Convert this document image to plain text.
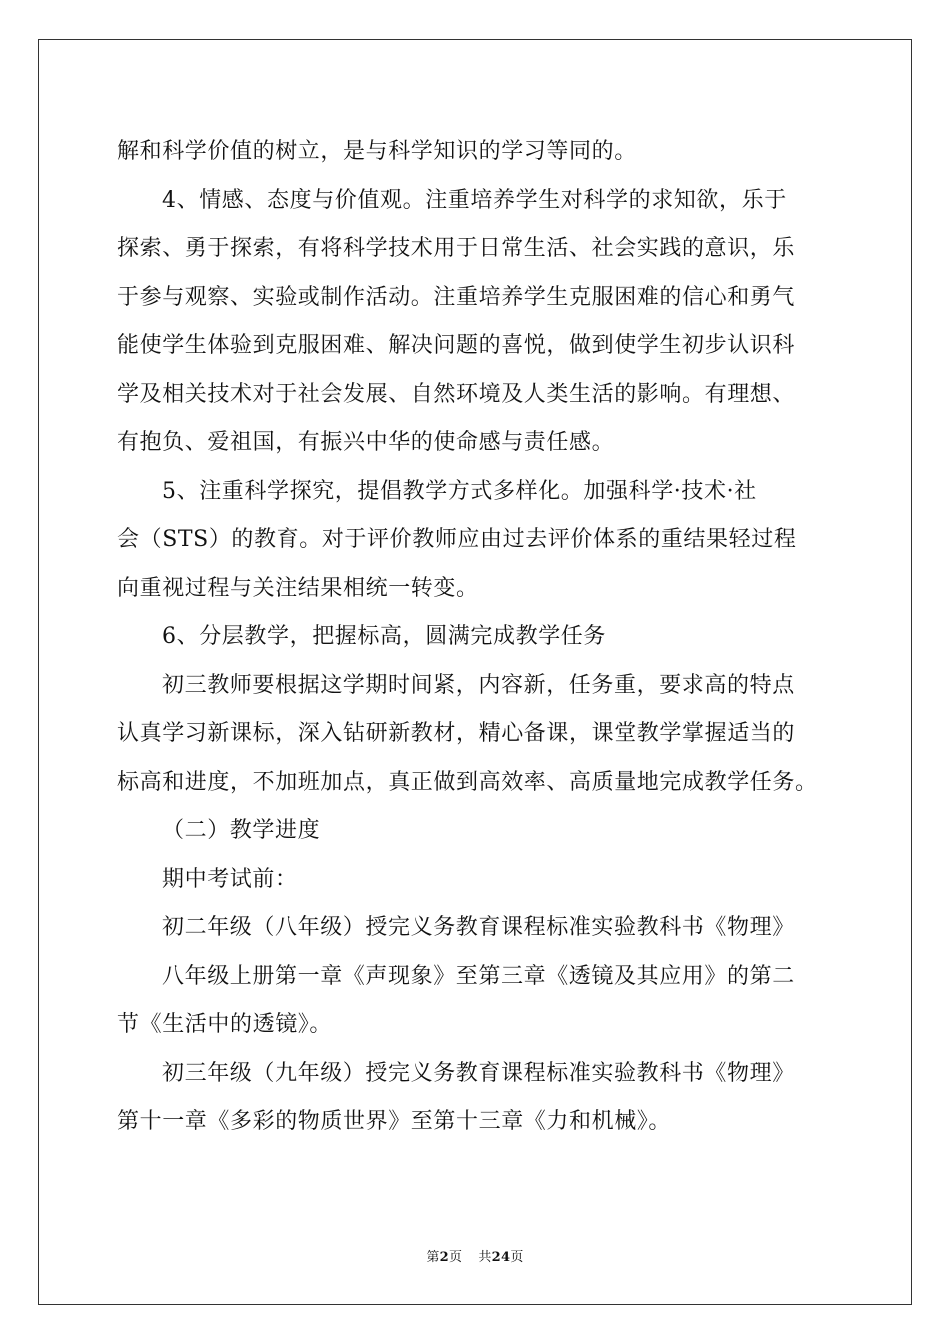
解和科学价值的树立，是与科学知识的学习等同的。
4、情感、态度与价值观。注重培养学生对科学的求知欲，乐于
探索、勇于探索，有将科学技术用于日常生活、社会实践的意识，乐
于参与观察、实验或制作活动。注重培养学生克服困难的信心和勇气
能使学生体验到克服困难、解决问题的喜悦，做到使学生初步认识科
学及相关技术对于社会发展、自然环境及人类生活的影响。有理想、
有抱负、爱祖国，有振兴中华的使命感与责任感。
5、注重科学探究，提倡教学方式多样化。加强科学·技术·社
会（STS）的教育。对于评价教师应由过去评价体系的重结果轻过程
向重视过程与关注结果相统一转变。
6、分层教学，把握标高，圆满完成教学任务
初三教师要根据这学期时间紧，内容新，任务重，要求高的特点
认真学习新课标，深入钻研新教材，精心备课，课堂教学掌握适当的
标高和进度，不加班加点，真正做到高效率、高质量地完成教学任务。
（二）教学进度
期中考试前：
初二年级（八年级）授完义务教育课程标准实验教科书《物理》
八年级上册第一章《声现象》至第三章《透镜及其应用》的第二
节《生活中的透镜》。
初三年级（九年级）授完义务教育课程标准实验教科书《物理》
第十一章《多彩的物质世界》至第十三章《力和机械》。
第2页 共24页
